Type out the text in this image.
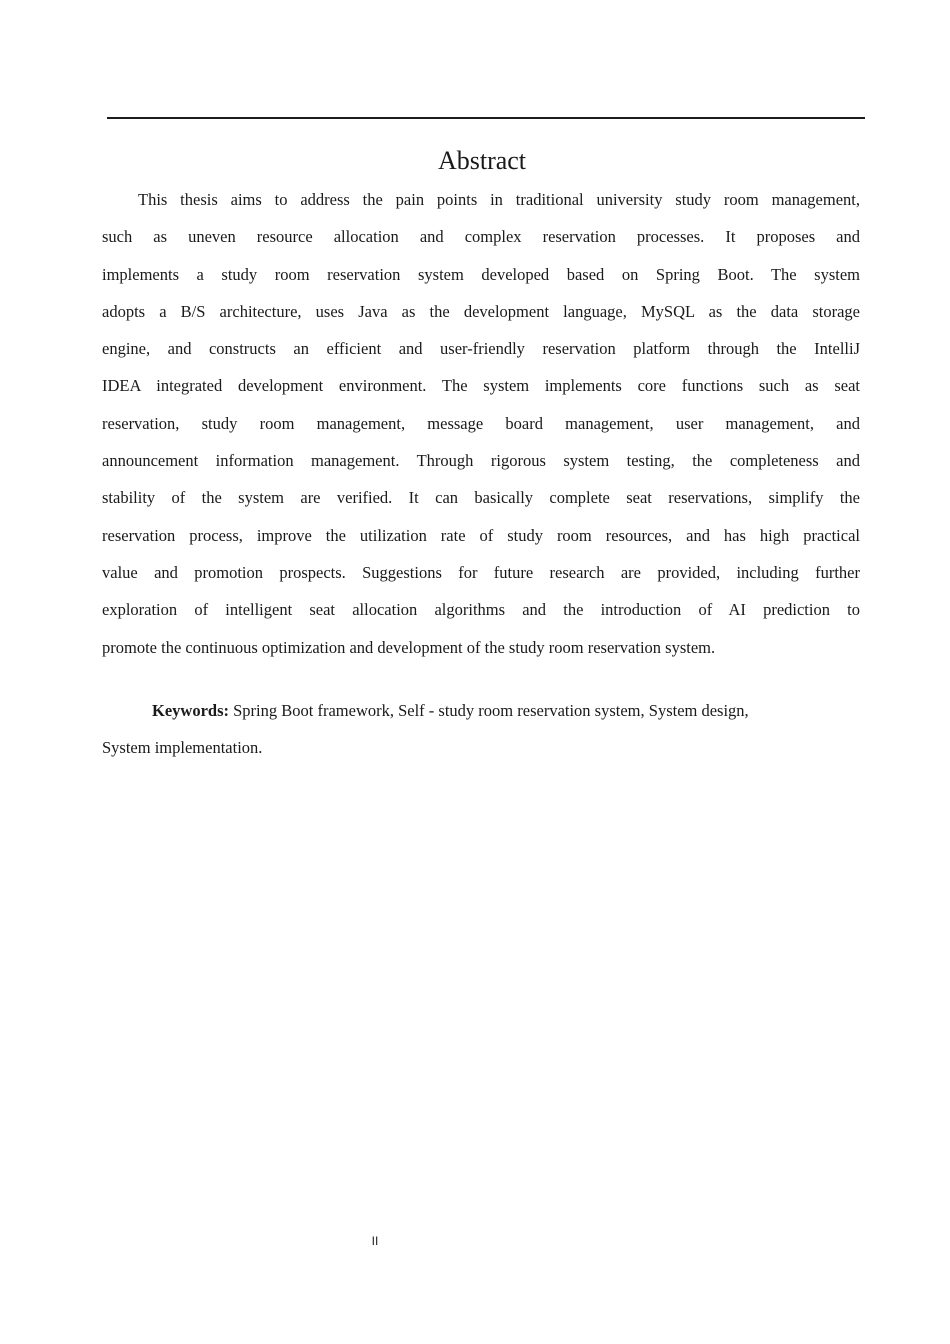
Abstract
This thesis aims to address the pain points in traditional university study room management,
such as uneven resource allocation and complex reservation processes. It proposes and
implements a study room reservation system developed based on Spring Boot. The system
adopts a B/S architecture, uses Java as the development language, MySQL as the data storage
engine, and constructs an efficient and user-friendly reservation platform through the IntelliJ
IDEA integrated development environment. The system implements core functions such as seat
reservation, study room management, message board management, user management, and
announcement information management. Through rigorous system testing, the completeness and
stability of the system are verified. It can basically complete seat reservations, simplify the
reservation process, improve the utilization rate of study room resources, and has high practical
value and promotion prospects. Suggestions for future research are provided, including further
exploration of intelligent seat allocation algorithms and the introduction of AI prediction to
promote the continuous optimization and development of the study room reservation system.
Keywords: Spring Boot framework, Self - study room reservation system, System design,
System implementation.
II
